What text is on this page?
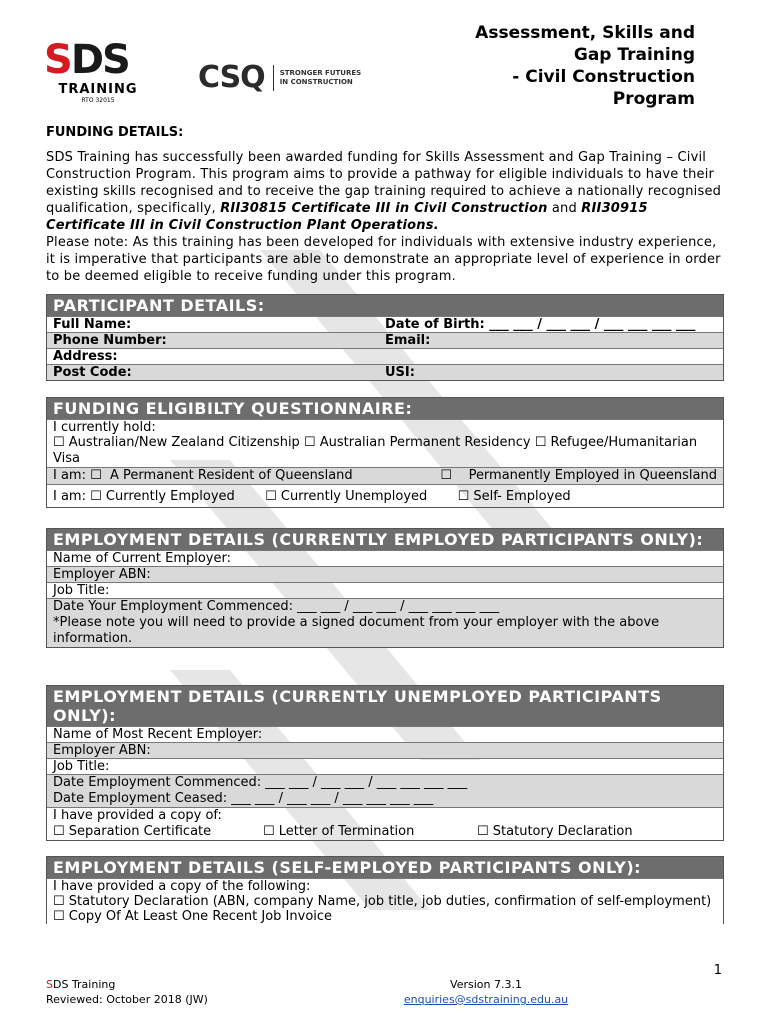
SDS
TRAINING
RTO 32015
CSQ STRONGER FUTURES
IN CONSTRUCTION
Assessment, Skills and
Gap Training
- Civil Construction
Program
FUNDING DETAILS:
SDS Training has successfully been awarded funding for Skills Assessment and Gap Training – Civil Construction Program. This program aims to provide a pathway for eligible individuals to have their existing skills recognised and to receive the gap training required to achieve a nationally recognised qualification, specifically, RII30815 Certificate III in Civil Construction and RII30915 Certificate III in Civil Construction Plant Operations.
Please note: As this training has been developed for individuals with extensive industry experience, it is imperative that participants are able to demonstrate an appropriate level of experience in order to be deemed eligible to receive funding under this program.
PARTICIPANT DETAILS:
Full Name:	Date of Birth: ___ ___ / ___ ___ / ___ ___ ___ ___
Phone Number:	Email:
Address:
Post Code:	USI:
FUNDING ELIGIBILTY QUESTIONNAIRE:
I currently hold:
☐ Australian/New Zealand Citizenship ☐ Australian Permanent Residency ☐ Refugee/Humanitarian Visa
I am: ☐ A Permanent Resident of Queensland	☐ Permanently Employed in Queensland
I am: ☐ Currently Employed ☐ Currently Unemployed ☐ Self- Employed
EMPLOYMENT DETAILS (CURRENTLY EMPLOYED PARTICIPANTS ONLY):
Name of Current Employer:
Employer ABN:
Job Title:
Date Your Employment Commenced: ___ ___ / ___ ___ / ___ ___ ___ ___
*Please note you will need to provide a signed document from your employer with the above information.
EMPLOYMENT DETAILS (CURRENTLY UNEMPLOYED PARTICIPANTS ONLY):
Name of Most Recent Employer:
Employer ABN:
Job Title:
Date Employment Commenced: ___ ___ / ___ ___ / ___ ___ ___ ___
Date Employment Ceased: ___ ___ / ___ ___ / ___ ___ ___ ___
I have provided a copy of:
☐ Separation Certificate	☐ Letter of Termination	☐ Statutory Declaration
EMPLOYMENT DETAILS (SELF-EMPLOYED PARTICIPANTS ONLY):
I have provided a copy of the following:
☐ Statutory Declaration (ABN, company Name, job title, job duties, confirmation of self-employment)
☐ Copy Of At Least One Recent Job Invoice
1
SDS Training
Reviewed: October 2018 (JW)
Version 7.3.1
enquiries@sdstraining.edu.au
